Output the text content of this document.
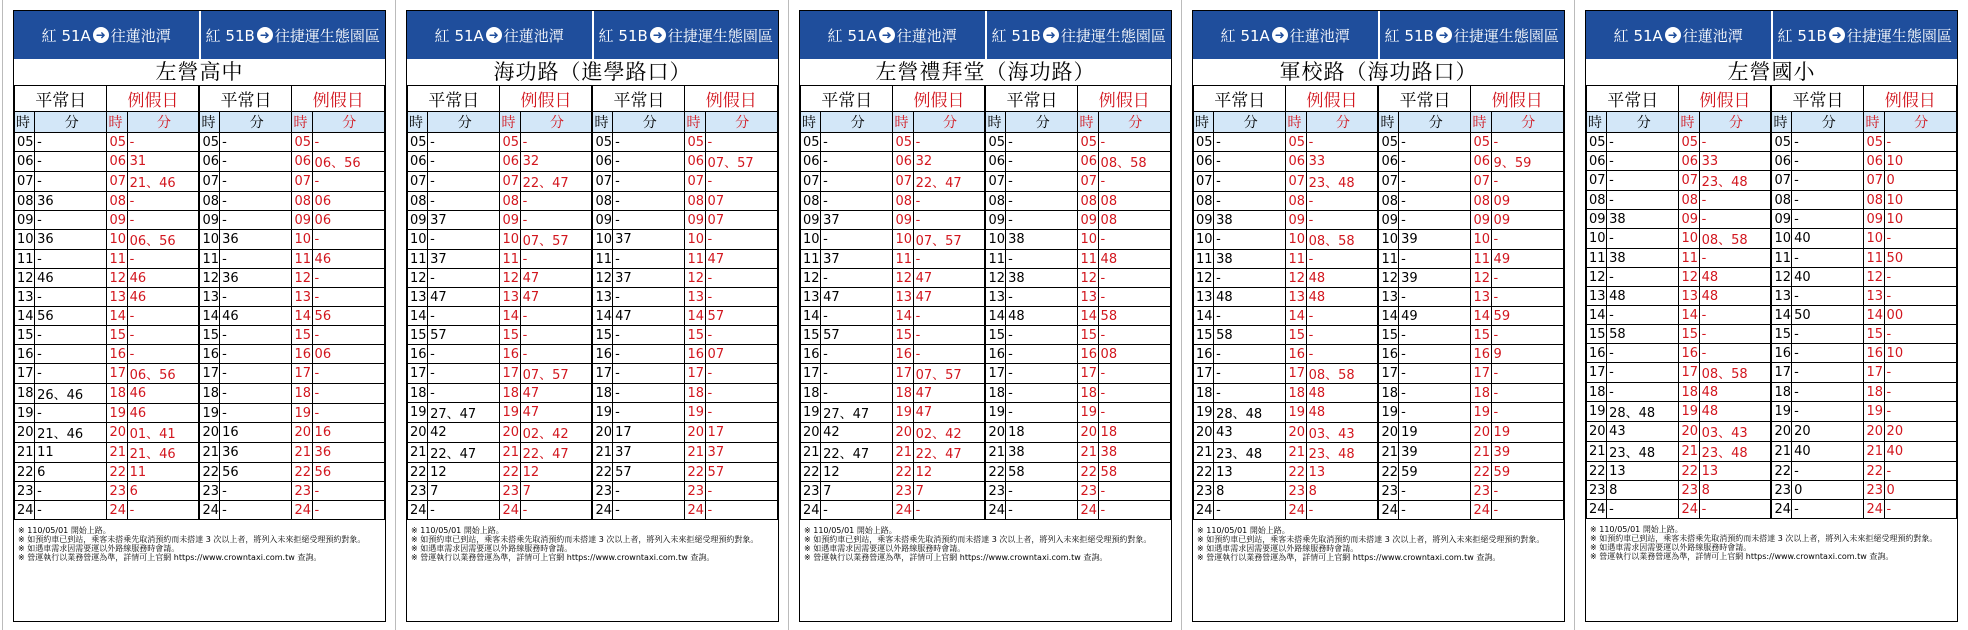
紅 51A ➜ 往蓮池潭 紅 51B ➜ 往捷運生態園區
左營高中
平常日		例假日		平常日		例假日	
時	分	時	分	時	分	時	分
05	-	05	-	05	-	05	-
06	-	06	31	06	-	06	06、56
07	-	07	21、46	07	-	07	-
08	36	08	-	08	-	08	06
09	-	09	-	09	-	09	06
10	36	10	06、56	10	36	10	-
11	-	11	-	11	-	11	46
12	46	12	46	12	36	12	-
13	-	13	46	13	-	13	-
14	56	14	-	14	46	14	56
15	-	15	-	15	-	15	-
16	-	16	-	16	-	16	06
17	-	17	06、56	17	-	17	-
18	26、46	18	46	18	-	18	-
19	-	19	46	19	-	19	-
20	21、46	20	01、41	20	16	20	16
21	11	21	21、46	21	36	21	36
22	6	22	11	22	56	22	56
23	-	23	6	23	-	23	-
24	-	24	-	24	-	24	-
※ 110/05/01 開始上路。
※ 如預約車已到站，乘客未搭乘先取消預約而未搭達 3 次以上者，將列入未來拒絕受理預約對象。
※ 如遇車需求因需要運以外路線服務時會請。
※ 營運執行以業務營運為準，詳情可上官網 https://www.crowntaxi.com.tw 查詢。
紅 51A ➜ 往蓮池潭 紅 51B ➜ 往捷運生態園區
海功路（進學路口）
平常日		例假日		平常日		例假日	
時	分	時	分	時	分	時	分
05	-	05	-	05	-	05	-
06	-	06	32	06	-	06	07、57
07	-	07	22、47	07	-	07	-
08	-	08	-	08	-	08	07
09	37	09	-	09	-	09	07
10	-	10	07、57	10	37	10	-
11	37	11	-	11	-	11	47
12	-	12	47	12	37	12	-
13	47	13	47	13	-	13	-
14	-	14	-	14	47	14	57
15	57	15	-	15	-	15	-
16	-	16	-	16	-	16	07
17	-	17	07、57	17	-	17	-
18	-	18	47	18	-	18	-
19	27、47	19	47	19	-	19	-
20	42	20	02、42	20	17	20	17
21	22、47	21	22、47	21	37	21	37
22	12	22	12	22	57	22	57
23	7	23	7	23	-	23	-
24	-	24	-	24	-	24	-
※ 110/05/01 開始上路。
※ 如預約車已到站，乘客未搭乘先取消預約而未搭達 3 次以上者，將列入未來拒絕受理預約對象。
※ 如遇車需求因需要運以外路線服務時會請。
※ 營運執行以業務營運為準，詳情可上官網 https://www.crowntaxi.com.tw 查詢。
紅 51A ➜ 往蓮池潭 紅 51B ➜ 往捷運生態園區
左營禮拜堂（海功路）
平常日		例假日		平常日		例假日	
時	分	時	分	時	分	時	分
05	-	05	-	05	-	05	-
06	-	06	32	06	-	06	08、58
07	-	07	22、47	07	-	07	-
08	-	08	-	08	-	08	08
09	37	09	-	09	-	09	08
10	-	10	07、57	10	38	10	-
11	37	11	-	11	-	11	48
12	-	12	47	12	38	12	-
13	47	13	47	13	-	13	-
14	-	14	-	14	48	14	58
15	57	15	-	15	-	15	-
16	-	16	-	16	-	16	08
17	-	17	07、57	17	-	17	-
18	-	18	47	18	-	18	-
19	27、47	19	47	19	-	19	-
20	42	20	02、42	20	18	20	18
21	22、47	21	22、47	21	38	21	38
22	12	22	12	22	58	22	58
23	7	23	7	23	-	23	-
24	-	24	-	24	-	24	-
※ 110/05/01 開始上路。
※ 如預約車已到站，乘客未搭乘先取消預約而未搭達 3 次以上者，將列入未來拒絕受理預約對象。
※ 如遇車需求因需要運以外路線服務時會請。
※ 營運執行以業務營運為準，詳情可上官網 https://www.crowntaxi.com.tw 查詢。
紅 51A ➜ 往蓮池潭 紅 51B ➜ 往捷運生態園區
軍校路（海功路口）
平常日		例假日		平常日		例假日	
時	分	時	分	時	分	時	分
05	-	05	-	05	-	05	-
06	-	06	33	06	-	06	9、59
07	-	07	23、48	07	-	07	-
08	-	08	-	08	-	08	09
09	38	09	-	09	-	09	09
10	-	10	08、58	10	39	10	-
11	38	11	-	11	-	11	49
12	-	12	48	12	39	12	-
13	48	13	48	13	-	13	-
14	-	14	-	14	49	14	59
15	58	15	-	15	-	15	-
16	-	16	-	16	-	16	9
17	-	17	08、58	17	-	17	-
18	-	18	48	18	-	18	-
19	28、48	19	48	19	-	19	-
20	43	20	03、43	20	19	20	19
21	23、48	21	23、48	21	39	21	39
22	13	22	13	22	59	22	59
23	8	23	8	23	-	23	-
24	-	24	-	24	-	24	-
※ 110/05/01 開始上路。
※ 如預約車已到站，乘客未搭乘先取消預約而未搭達 3 次以上者，將列入未來拒絕受理預約對象。
※ 如遇車需求因需要運以外路線服務時會請。
※ 營運執行以業務營運為準，詳情可上官網 https://www.crowntaxi.com.tw 查詢。
紅 51A ➜ 往蓮池潭 紅 51B ➜ 往捷運生態園區
左營國小
平常日		例假日		平常日		例假日	
時	分	時	分	時	分	時	分
05	-	05	-	05	-	05	-
06	-	06	33	06	-	06	10
07	-	07	23、48	07	-	07	0
08	-	08	-	08	-	08	10
09	38	09	-	09	-	09	10
10	-	10	08、58	10	40	10	-
11	38	11	-	11	-	11	50
12	-	12	48	12	40	12	-
13	48	13	48	13	-	13	-
14	-	14	-	14	50	14	00
15	58	15	-	15	-	15	-
16	-	16	-	16	-	16	10
17	-	17	08、58	17	-	17	-
18	-	18	48	18	-	18	-
19	28、48	19	48	19	-	19	-
20	43	20	03、43	20	20	20	20
21	23、48	21	23、48	21	40	21	40
22	13	22	13	22	-	22	-
23	8	23	8	23	0	23	0
24	-	24	-	24	-	24	-
※ 110/05/01 開始上路。
※ 如預約車已到站，乘客未搭乘先取消預約而未搭達 3 次以上者，將列入未來拒絕受理預約對象。
※ 如遇車需求因需要運以外路線服務時會請。
※ 營運執行以業務營運為準，詳情可上官網 https://www.crowntaxi.com.tw 查詢。
